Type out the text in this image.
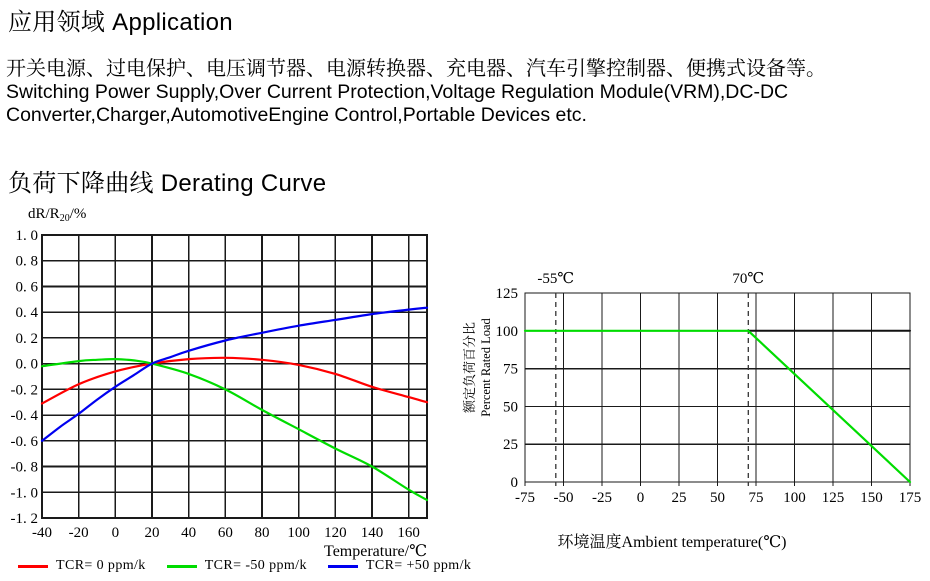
应用领域 Application
开关电源、过电保护、电压调节器、电源转换器、充电器、汽车引擎控制器、便携式设备等。
Switching Power Supply,Over Current Protection,Voltage Regulation Module(VRM),DC-DC
Converter,Charger,AutomotiveEngine Control,Portable Devices etc.
负荷下降曲线 Derating Curve
1. 0
0. 8
0. 6
0. 4
0. 2
0. 0
-0. 2
-0. 4
-0. 6
-0. 8
-1. 0
-1. 2
-40 -20 0 20 40 60 80 100 120 140 160
Temperature/℃
$dR/R_{20}/\%$
-55℃	70℃
0
25
50
75
100
125
-75 -50 -25 0 25 50 75 100 125 150 175
环境温度Ambient temperature(℃)
额定负荷百分比 Percent Rated Load
TCR= 0 ppm/k	TCR= -50 ppm/k	TCR= +50 ppm/k
